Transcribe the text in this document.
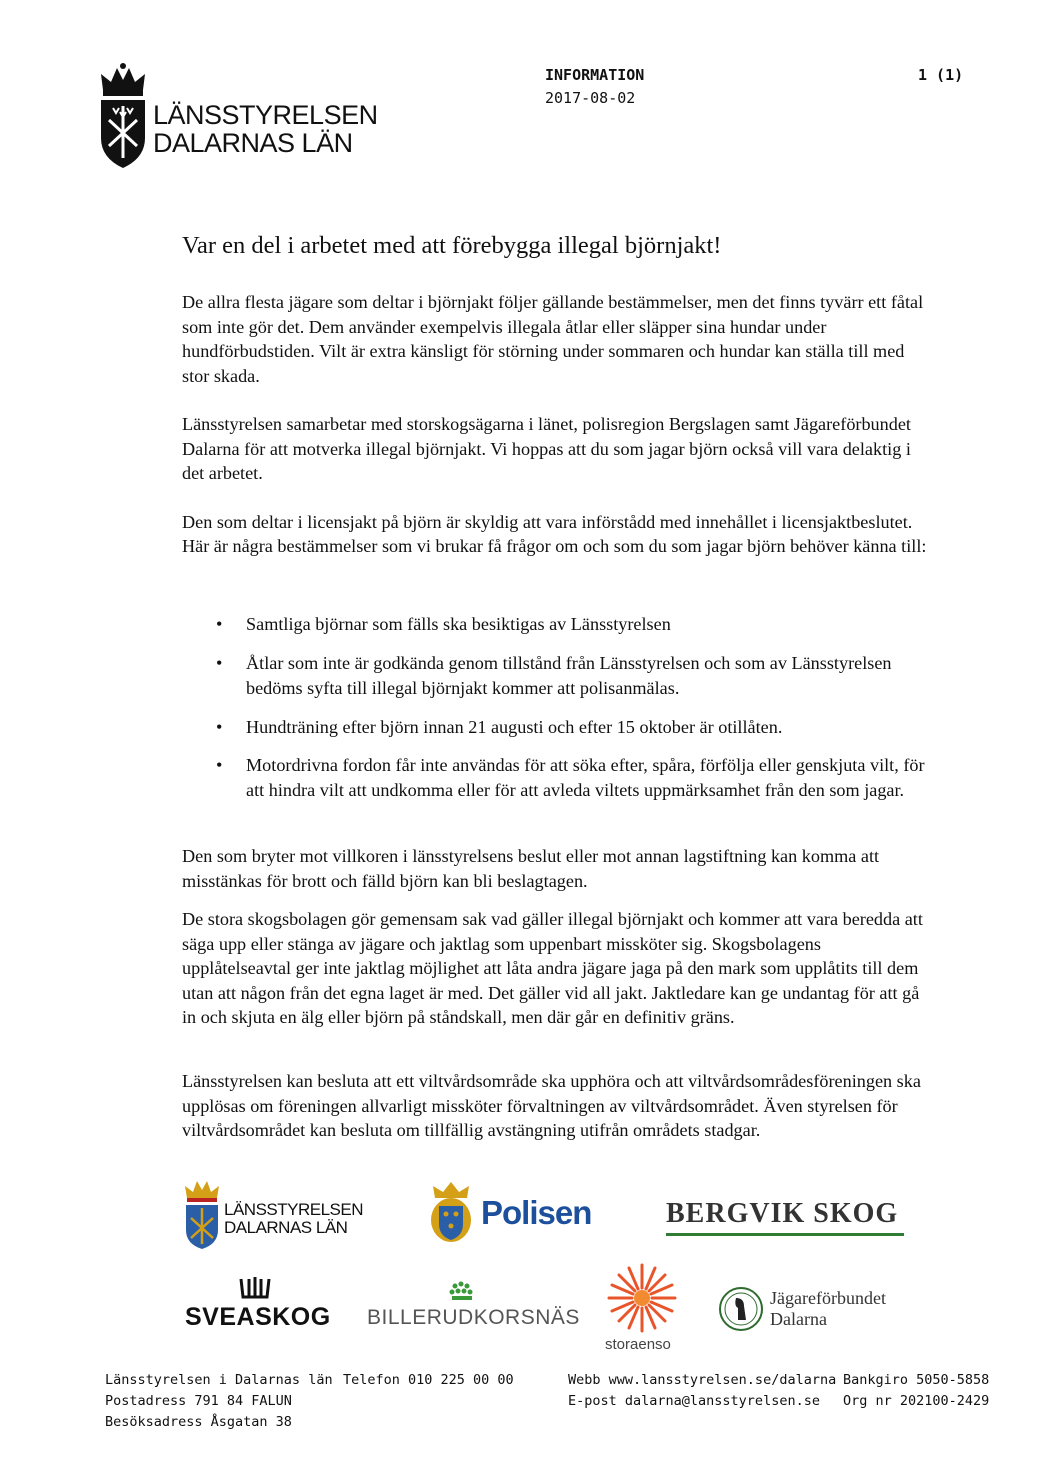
LÄNSSTYRELSEN
DALARNAS LÄN
INFORMATION
2017-08-02
1 (1)
Var en del i arbetet med att förebygga illegal björnjakt!

De allra flesta jägare som deltar i björnjakt följer gällande bestämmelser, men det finns tyvärr ett fåtal som inte gör det. Dem använder exempelvis illegala åtlar eller släpper sina hundar under hundförbudstiden. Vilt är extra känsligt för störning under sommaren och hundar kan ställa till med stor skada.

Länsstyrelsen samarbetar med storskogsägarna i länet, polisregion Bergslagen samt Jägareförbundet Dalarna för att motverka illegal björnjakt. Vi hoppas att du som jagar björn också vill vara delaktig i det arbetet.

Den som deltar i licensjakt på björn är skyldig att vara införstådd med innehållet i licensjaktbeslutet. Här är några bestämmelser som vi brukar få frågor om och som du som jagar björn behöver känna till:

• Samtliga björnar som fälls ska besiktigas av Länsstyrelsen
• Åtlar som inte är godkända genom tillstånd från Länsstyrelsen och som av Länsstyrelsen bedöms syfta till illegal björnjakt kommer att polisanmälas.
• Hundträning efter björn innan 21 augusti och efter 15 oktober är otillåten.
• Motordrivna fordon får inte användas för att söka efter, spåra, förfölja eller genskjuta vilt, för att hindra vilt att undkomma eller för att avleda viltets uppmärksamhet från den som jagar.

Den som bryter mot villkoren i länsstyrelsens beslut eller mot annan lagstiftning kan komma att misstänkas för brott och fälld björn kan bli beslagtagen.

De stora skogsbolagen gör gemensam sak vad gäller illegal björnjakt och kommer att vara beredda att säga upp eller stänga av jägare och jaktlag som uppenbart missköter sig. Skogsbolagens upplåtelseavtal ger inte jaktlag möjlighet att låta andra jägare jaga på den mark som upplåtits till dem utan att någon från det egna laget är med. Det gäller vid all jakt. Jaktledare kan ge undantag för att gå in och skjuta en älg eller björn på ståndskall, men där går en definitiv gräns.

Länsstyrelsen kan besluta att ett viltvårdsområde ska upphöra och att viltvårdsområdesföreningen ska upplösas om föreningen allvarligt missköter förvaltningen av viltvårdsområdet. Även styrelsen för viltvårdsområdet kan besluta om tillfällig avstängning utifrån områdets stadgar.

LÄNSSTYRELSEN
DALARNAS LÄN	Polisen	BERGVIK SKOG
SVEASKOG BILLERUDKORSNÄS
storaenso
Jägareförbundet
Dalarna
Länsstyrelsen i Dalarnas län
Postadress 791 84 FALUN
Besöksadress Åsgatan 38
Telefon 010 225 00 00	Webb www.lansstyrelsen.se/dalarna
E-post dalarna@lansstyrelsen.se
Bankgiro 5050-5858
Org nr 202100-2429
